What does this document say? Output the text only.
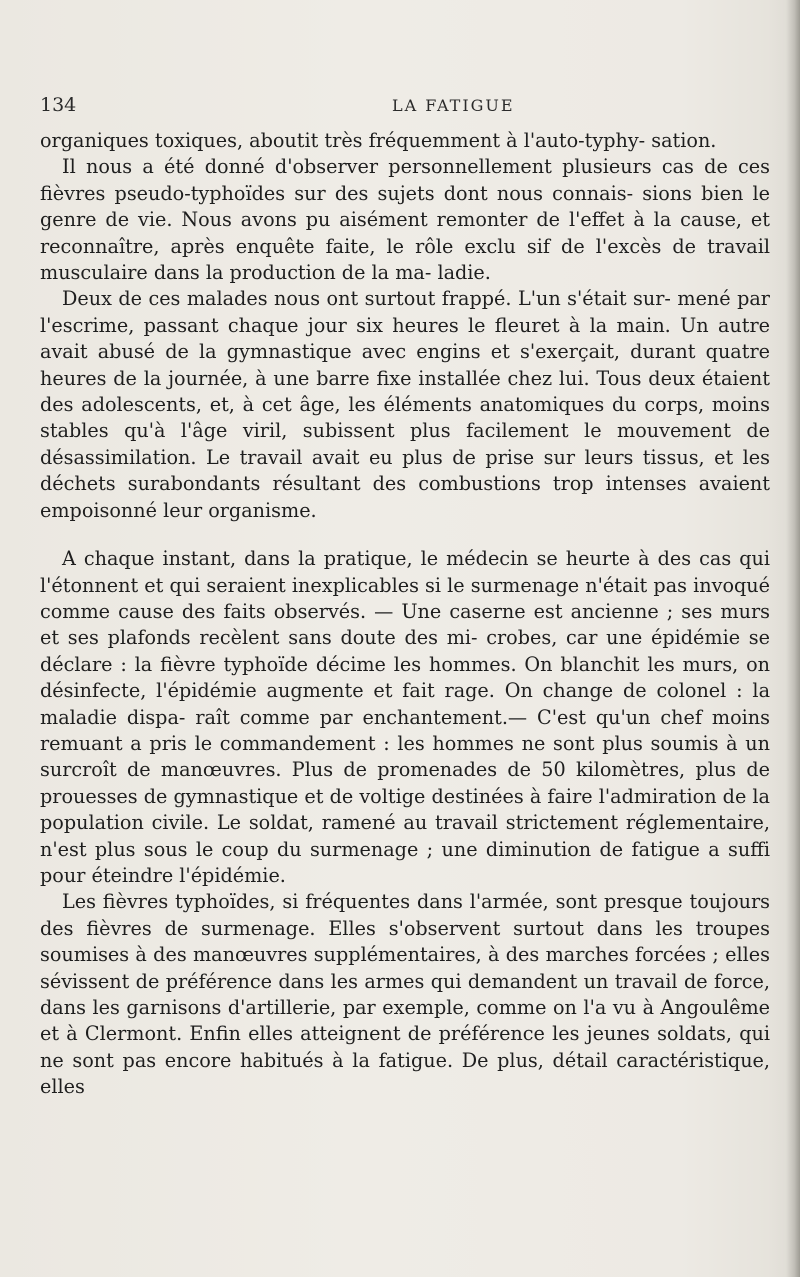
134	LA FATIGUE

organiques toxiques, aboutit très fréquemment à l'auto-typhy- sation.

Il nous a été donné d'observer personnellement plusieurs cas de ces fièvres pseudo-typhoïdes sur des sujets dont nous connais- sions bien le genre de vie. Nous avons pu aisément remonter de l'effet à la cause, et reconnaître, après enquête faite, le rôle exclu sif de l'excès de travail musculaire dans la production de la ma- ladie.

Deux de ces malades nous ont surtout frappé. L'un s'était sur- mené par l'escrime, passant chaque jour six heures le fleuret à la main. Un autre avait abusé de la gymnastique avec engins et s'exerçait, durant quatre heures de la journée, à une barre fixe installée chez lui. Tous deux étaient des adolescents, et, à cet âge, les éléments anatomiques du corps, moins stables qu'à l'âge viril, subissent plus facilement le mouvement de désassimilation. Le travail avait eu plus de prise sur leurs tissus, et les déchets surabondants résultant des combustions trop intenses avaient empoisonné leur organisme.

A chaque instant, dans la pratique, le médecin se heurte à des cas qui l'étonnent et qui seraient inexplicables si le surmenage n'était pas invoqué comme cause des faits observés. — Une caserne est ancienne ; ses murs et ses plafonds recèlent sans doute des mi- crobes, car une épidémie se déclare : la fièvre typhoïde décime les hommes. On blanchit les murs, on désinfecte, l'épidémie augmente et fait rage. On change de colonel : la maladie dispa- raît comme par enchantement.— C'est qu'un chef moins remuant a pris le commandement : les hommes ne sont plus soumis à un surcroît de manœuvres. Plus de promenades de 50 kilomètres, plus de prouesses de gymnastique et de voltige destinées à faire l'admiration de la population civile. Le soldat, ramené au travail strictement réglementaire, n'est plus sous le coup du surmenage ; une diminution de fatigue a suffi pour éteindre l'épidémie.

Les fièvres typhoïdes, si fréquentes dans l'armée, sont presque toujours des fièvres de surmenage. Elles s'observent surtout dans les troupes soumises à des manœuvres supplémentaires, à des marches forcées ; elles sévissent de préférence dans les armes qui demandent un travail de force, dans les garnisons d'artillerie, par exemple, comme on l'a vu à Angoulême et à Clermont. Enfin elles atteignent de préférence les jeunes soldats, qui ne sont pas encore habitués à la fatigue. De plus, détail caractéristique, elles
